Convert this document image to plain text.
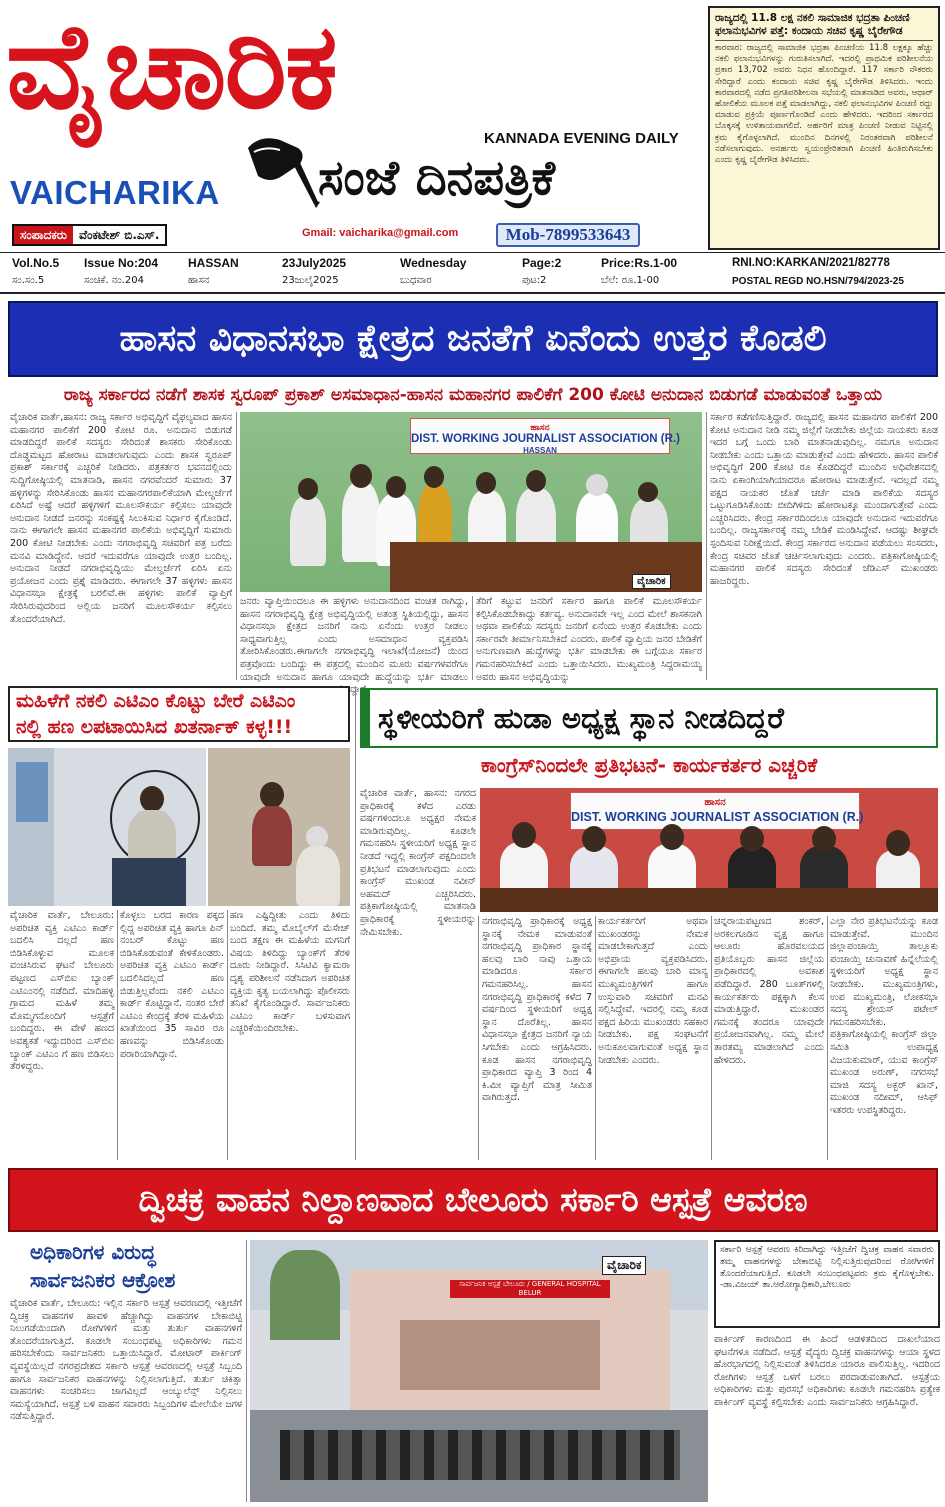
ವೈಚಾರಿಕ
VAICHARIKA
KANNADA EVENING DAILY
ಸಂಜೆ ದಿನಪತ್ರಿಕೆ
ಸಂಪಾದಕರು	ವೆಂಕಟೇಶ್ ಬಿ.ಎಸ್.	Gmail: vaicharika@gmail.com	Mob-7899533643
ರಾಜ್ಯದಲ್ಲಿ 11.8 ಲಕ್ಷ ನಕಲಿ ಸಾಮಾಜಿಕ ಭದ್ರತಾ ಪಿಂಚಣಿ
ಫಲಾನುಭವಿಗಳ ಪತ್ತೆ: ಕಂದಾಯ ಸಚಿವ ಕೃಷ್ಣ ಬೈರೇಗೌಡ
ಕಾರವಾರ: ರಾಜ್ಯದಲ್ಲಿ ಸಾಮಾಜಿಕ ಭದ್ರತಾ ಪಿಂಚಣಿಯ 11.8 ಲಕ್ಷಕ್ಕೂ ಹೆಚ್ಚು ನಕಲಿ ಫಲಾನುಭವಿಗಳನ್ನು ಗುರುತಿಸಲಾಗಿದೆ. ಇದರಲ್ಲಿ ಪ್ರಾಥಮಿಕ ಪರಿಶೀಲನೆಯ ಪ್ರಕಾರ 13,702 ಅವರು ನಿಧನ ಹೊಂದಿದ್ದಾರೆ. 117 ಸರ್ಕಾರಿ ನೌಕರರು ಸೇರಿದ್ದಾರೆ ಎಂದು ಕಂದಾಯ ಸಚಿವ ಕೃಷ್ಣ ಬೈರೇಗೌಡ ತಿಳಿಸಿದರು. ಇಂದು ಕಾರವಾರದಲ್ಲಿ ನಡೆದ ಪ್ರಗತಿಪರಿಶೀಲನಾ ಸಭೆಯಲ್ಲಿ ಮಾತನಾಡಿದ ಅವರು, ಆಧಾರ್ ಹೋಲಿಕೆಯ ಮೂಲಕ ಪತ್ತೆ ಮಾಡಲಾಗಿದ್ದು, ನಕಲಿ ಫಲಾನುಭವಿಗಳ ಪಿಂಚಣಿ ರದ್ದು ಮಾಡುವ ಪ್ರಕ್ರಿಯೆ ಪೂರ್ಣಗೊಂಡಿದೆ ಎಂದು ಹೇಳಿದರು. ಇದರಿಂದ ಸರ್ಕಾರದ ಬೊಕ್ಕಸಕ್ಕೆ ಉಳಿತಾಯವಾಗಲಿದೆ. ಅರ್ಹರಿಗೆ ಮಾತ್ರ ಪಿಂಚಣಿ ನೀಡುವ ನಿಟ್ಟಿನಲ್ಲಿ ಕ್ರಮ ಕೈಗೊಳ್ಳಲಾಗಿದೆ. ಮುಂದಿನ ದಿನಗಳಲ್ಲಿ ನಿರಂತರವಾಗಿ ಪರಿಶೀಲನೆ ನಡೆಸಲಾಗುವುದು. ಅನರ್ಹರು ಸ್ವಯಂಪ್ರೇರಿತರಾಗಿ ಪಿಂಚಣಿ ಹಿಂತಿರುಗಿಸಬೇಕು ಎಂದು ಕೃಷ್ಣ ಬೈರೇಗೌಡ ತಿಳಿಸಿದರು.
Vol.No.5 Issue No:204 HASSAN	23July2025	Wednesday	Page:2	Price:Rs.1-00	RNI.NO:KARKAN/2021/82778
ಸಂ.ಸಂ.5	ಸಂಚಿಕೆ. ನಂ.204	ಹಾಸನ	23ಜುಲೈ2025	ಬುಧವಾರ	ಪುಟ:2	ಬೆಲೆ: ರೂ.1-00	POSTAL REGD NO.HSN/794/2023-25
ಹಾಸನ ವಿಧಾನಸಭಾ ಕ್ಷೇತ್ರದ ಜನತೆಗೆ ಏನೆಂದು ಉತ್ತರ ಕೊಡಲಿ
ರಾಜ್ಯ ಸರ್ಕಾರದ ನಡೆಗೆ ಶಾಸಕ ಸ್ವರೂಪ್ ಪ್ರಕಾಶ್ ಅಸಮಾಧಾನ-ಹಾಸನ ಮಹಾನಗರ ಪಾಲಿಕೆಗೆ 200 ಕೋಟಿ ಅನುದಾನ ಬಿಡುಗಡೆ ಮಾಡುವಂತೆ ಒತ್ತಾಯ
ವೈಚಾರಿಕ ವಾರ್ತೆ,ಹಾಸನ: ರಾಜ್ಯ ಸರ್ಕಾರ ಅಭಿವೃದ್ಧಿಗೆ ವೈಫಲ್ಯವಾದ ಹಾಸನ ಮಹಾನಗರ ಪಾಲಿಕೆಗೆ 200 ಕೋಟಿ ರೂ. ಅನುದಾನ ಬಿಡುಗಡೆ ಮಾಡದಿದ್ದರೆ ಪಾಲಿಕೆ ಸದಸ್ಯರು ಸೇರಿದಂತೆ ಶಾಸಕರು ಸೇರಿಕೊಂಡು ದೊಡ್ಡಮಟ್ಟದ ಹೋರಾಟ ಮಾಡಲಾಗುವುದು ಎಂದು ಶಾಸಕ ಸ್ವರೂಪ್ ಪ್ರಕಾಶ್ ಸರ್ಕಾರಕ್ಕೆ ಎಚ್ಚರಿಕೆ ನೀಡಿದರು. ಪತ್ರಕರ್ತರ ಭವನದಲ್ಲಿಂದು ಸುದ್ದಿಗೋಷ್ಠಿಯಲ್ಲಿ ಮಾತನಾಡಿ, ಹಾಸನ ನಗರವೆಂದರೆ ಸುಮಾರು 37 ಹಳ್ಳಿಗಳನ್ನು ಸೇರಿಸಿಕೊಂಡು ಹಾಸನ ಮಹಾನಗರಪಾಲಿಕೆಯಾಗಿ ಮೇಲ್ದರ್ಜೆಗೆ ಏರಿಸಿದೆ ಅಷ್ಟೆ ಆದರೆ ಹಳ್ಳಿಗಳಿಗೆ ಮೂಲಸೌಕರ್ಯ ಕಲ್ಪಿಸಲು ಯಾವುದೇ ಅನುದಾನ ನೀಡದೆ ಜನರನ್ನು ಸಂಕಷ್ಟಕ್ಕೆ ಸಿಲುಕಿಸುವ ನಿರ್ಧಾರ ಕೈಗೊಂಡಿದೆ. ನಾನು ಈಗಾಗಲೇ ಹಾಸನ ಮಹಾನಗರ ಪಾಲಿಕೆಯ ಅಭಿವೃದ್ಧಿಗೆ ಸುಮಾರು 200 ಕೋಟಿ ನೀಡಬೇಕು ಎಂದು ನಗರಾಭಿವೃದ್ಧಿ ಸಚಿವರಿಗೆ ಪತ್ರ ಬರೆದು ಮನವಿ ಮಾಡಿದ್ದೇನೆ. ಆದರೆ ಇದುವರೆಗೂ ಯಾವುದೇ ಉತ್ತರ ಬಂದಿಲ್ಲ. ಅನುದಾನ ನೀಡದೆ ನಗರಾಭಿವೃದ್ಧಿಯು ಮೇಲ್ದರ್ಜೆಗೆ ಏರಿಸಿ ಏನು ಪ್ರಯೋಜನ ಎಂದು ಪ್ರಶ್ನೆ ಮಾಡಿದರು. ಈಗಾಗಲೇ 37 ಹಳ್ಳಿಗಳು ಹಾಸನ ವಿಧಾನಸಭಾ ಕ್ಷೇತ್ರಕ್ಕೆ ಬರಲಿವೆ.ಈ ಹಳ್ಳಿಗಳು ಪಾಲಿಕೆ ವ್ಯಾಪ್ತಿಗೆ ಸೇರಿಸಿರುವುದರಿಂದ ಅಲ್ಲಿಯ ಜನರಿಗೆ ಮೂಲಸೌಕರ್ಯ ಕಲ್ಪಿಸಲು ತೊಂದರೆಯಾಗಿದೆ.
ಹಾಸನ
DIST. WORKING JOURNALIST ASSOCIATION (R.)
HASSAN
ವೈಚಾರಿಕ
ಜನರು ವ್ಯಾಪ್ತಿಯಿಂದಲೂ ಈ ಹಳ್ಳಿಗಳು ಅನುದಾನದಿಂದ ವಂಚಿತ ರಾಗಿದ್ದು, ಹಾಸನ ನಗರಾಭಿವೃದ್ಧಿ ಕ್ಷೇತ್ರ ಅಭಿವೃದ್ಧಿಯಲ್ಲಿ ಅತಂತ್ರ ಸ್ಥಿತಿಯಲ್ಲಿದ್ದು, ಹಾಸನ ವಿಧಾನಸಭಾ ಕ್ಷೇತ್ರದ ಜನರಿಗೆ ನಾನು ಏನೆಂದು ಉತ್ತರ ನೀಡಲು ಸಾಧ್ಯವಾಗುತ್ತಿಲ್ಲ ಎಂದು ಅಸಮಾಧಾನ ವ್ಯಕ್ತಪಡಿಸಿ ತೋರಿಸಿಕೊಂಡರು.ಈಗಾಗಲೇ ನಗರಾಭಿವೃದ್ಧಿ ಇಲಾಖೆ(ಯೋಜನೆ) ಯಿಂದ ಪತ್ರವೊಂದು ಬಂದಿದ್ದು ಈ ಪತ್ರದಲ್ಲಿ ಮುಂದಿನ ಮೂರು ವರ್ಷಗಳವರೆಗೂ ಯಾವುದೇ ಅನುದಾನ ಹಾಗೂ ಯಾವುದೇ ಹುದ್ದೆಯನ್ನು ಭರ್ತಿ ಮಾಡಲು ಹೇಳಿದ್ದಾರೆ.
ತೆರಿಗೆ ಕಟ್ಟುವ ಜನರಿಗೆ ಸರ್ಕಾರ ಹಾಗೂ ಪಾಲಿಕೆ ಮೂಲಸೌಕರ್ಯ ಕಲ್ಪಿಸಿಕೊಡಬೇಕಾದ್ದು ಕರ್ತವ್ಯ. ಅನುದಾನವೇ ಇಲ್ಲ ಎಂದ ಮೇಲೆ ಶಾಸಕನಾಗಿ ಅಥವಾ ಪಾಲಿಕೆಯ ಸದಸ್ಯರು ಜನರಿಗೆ ಏನೆಂದು ಉತ್ತರ ಕೊಡಬೇಕು ಎಂದು ಸರ್ಕಾರವೇ ತೀರ್ಮಾನಿಸಬೇಕಿದೆ ಎಂದರು. ಪಾಲಿಕೆ ವ್ಯಾಪ್ತಿಯ ಜನರ ಬೇಡಿಕೆಗೆ ಅನುಗುಣವಾಗಿ ಹುದ್ದೆಗಳನ್ನು ಭರ್ತಿ ಮಾಡಬೇಕು ಈ ಬಗ್ಗೆಯೂ ಸರ್ಕಾರ ಗಮನಹರಿಸಬೇಕಿದೆ ಎಂದು ಒತ್ತಾಯಿಸಿದರು. ಮುಖ್ಯಮಂತ್ರಿ ಸಿದ್ದರಾಮಯ್ಯ ಅವರು ಹಾಸನ ಅಭಿವೃದ್ಧಿಯನ್ನು
ಸರ್ಕಾರ ಕಡೆಗಣಿಸುತ್ತಿದ್ದಾರೆ. ರಾಜ್ಯದಲ್ಲಿ ಹಾಸನ ಮಹಾನಗರ ಪಾಲಿಕೆಗೆ 200 ಕೋಟಿ ಅನುದಾನ ನೀಡಿ ನಮ್ಮ ಜಿಲ್ಲೆಗೆ ನೀಡಬೇಕು ಜಿಲ್ಲೆಯ ನಾಯಕರು ಕೂಡ ಇದರ ಬಗ್ಗೆ ಒಂದು ಬಾರಿ ಮಾತನಾಡುವುದಿಲ್ಲ. ನಮಗೂ ಅನುದಾನ ನೀಡಬೇಕು ಎಂದು ಒತ್ತಾಯ ಮಾಡುತ್ತೇವೆ ಎಂದು ಹೇಳಿದರು. ಹಾಸನ ಪಾಲಿಕೆ ಅಭಿವೃದ್ಧಿಗೆ 200 ಕೋಟಿ ರೂ ಕೊಡದಿದ್ದರೆ ಮುಂದಿನ ಅಧಿವೇಶನದಲ್ಲಿ ನಾನು ಏಕಾಂಗಿಯಾಗಿಯಾದರೂ ಹೋರಾಟ ಮಾಡುತ್ತೇನೆ. ಇದಲ್ಲದೆ ನಮ್ಮ ಪಕ್ಷದ ನಾಯಕರ ಜೊತೆ ಚರ್ಚೆ ಮಾಡಿ ಪಾಲಿಕೆಯ ಸದಸ್ಯರ ಒಟ್ಟುಗೂಡಿಸಿಕೊಂಡು ಬೀದಿಗಿಳಿದು ಹೋರಾಟಕ್ಕೂ ಮುಂದಾಗುತ್ತೇವೆ ಎಂದು ಎಚ್ಚರಿಸಿದರು. ಕೇಂದ್ರ ಸರ್ಕಾರದಿಂದಲೂ ಯಾವುದೇ ಅನುದಾನ ಇದುವರೆಗೂ ಬಂದಿಲ್ಲ. ರಾಜ್ಯಸರ್ಕಾರಕ್ಕೆ ನಮ್ಮ ಬೇಡಿಕೆ ಮಂಡಿಸಿದ್ದೇವೆ. ಆದಷ್ಟು ಶೀಘ್ರವೇ ಸ್ಪಂದಿಸುವ ನಿರೀಕ್ಷೆಯಿದೆ. ಕೇಂದ್ರ ಸರ್ಕಾರದ ಅನುದಾನ ಪಡೆಯಲು ಸಂಸದರು, ಕೇಂದ್ರ ಸಚಿವರ ಜೊತೆ ಚರ್ಚಿಸಲಾಗುವುದು ಎಂದರು. ಪತ್ರಿಕಾಗೋಷ್ಠಿಯಲ್ಲಿ ಮಹಾನಗರ ಪಾಲಿಕೆ ಸದಸ್ಯರು ಸೇರಿದಂತೆ ಜೆಡಿಎಸ್ ಮುಖಂಡರು ಹಾಜರಿದ್ದರು.
ಮಹಿಳೆಗೆ ನಕಲಿ ಎಟಿಎಂ ಕೊಟ್ಟು ಬೇರೆ ಎಟಿಎಂ
ನಲ್ಲಿ ಹಣ ಲಪಟಾಯಿಸಿದ ಖತರ್ನಾಕ್ ಕಳ್ಳ!!!
ವೈಚಾರಿಕ ವಾರ್ತೆ, ಬೇಲೂರು: ಅಪರಿಚಿತ ವ್ಯಕ್ತಿ ಎಟಿಎಂ ಕಾರ್ಡ್ ಬದಲಿಸಿ ದಲ್ಲದೆ ಹಣ ಬಿಡಿಸಿಕೊಳ್ಳುವ ಮೂಲಕ ವಂಚಿಸಿರುವ ಘಟನೆ ಬೇಲೂರು ಪಟ್ಟಣದ ಎಸ್‌ಬಿಐ ಬ್ಯಾಂಕ್ ಎಟಿಎಂನಲ್ಲಿ ನಡೆದಿದೆ. ಮಾದಿಹಳ್ಳಿ ಗ್ರಾಮದ ಮಹಿಳೆ ತಮ್ಮ ಮೊಮ್ಮಗನೊಂದಿಗೆ ಆಸ್ಪತ್ರೆಗೆ ಬಂದಿದ್ದರು. ಈ ವೇಳೆ ಹಣದ ಅವಶ್ಯಕತೆ ಇದ್ದುದರಿಂದ ಎಸ್‌ಬಿಐ ಬ್ಯಾಂಕ್ ಎಟಿಎಂ ಗೆ ಹಣ ಬಿಡಿಸಲು ತೆರಳಿದ್ದರು.
ಕೊಳ್ಳಲು ಬರದ ಕಾರಣ ಪಕ್ಕದ ಲ್ಲಿದ್ದ ಅಪರಿಚಿತ ವ್ಯಕ್ತಿ ಹಾಗೂ ಪಿನ್ ನಂಬರ್ ಕೊಟ್ಟು ಹಣ ಬಿಡಿಸಿಕೊಡುವಂತೆ ಕೇಳಿಕೊಂಡರು. ಅಪರಿಚಿತ ವ್ಯಕ್ತಿ ಎಟಿಎಂ ಕಾರ್ಡ್ ಬದಲಿಸಿದಲ್ಲದೆ ಹಣ ಬಿಡುತ್ತಿಲ್ಲವೆಂದು ನಕಲಿ ಎಟಿಎಂ ಕಾರ್ಡ್ ಕೊಟ್ಟಿದ್ದಾನೆ. ನಂತರ ಬೇರೆ ಎಟಿಎಂ ಕೇಂದ್ರಕ್ಕೆ ತೆರಳಿ ಮಹಿಳೆಯ ಖಾತೆಯಿಂದ 35 ಸಾವಿರ ರೂ ಹಣವನ್ನು ಬಿಡಿಸಿಕೊಂಡು ಪರಾರಿಯಾಗಿದ್ದಾನೆ.
ಹಣ ಎಷ್ಟಿದ್ದೀತು ಎಂದು ತಿಳಿದು ಬಂದಿದೆ. ತಮ್ಮ ಮೊಬೈಲ್‌ಗೆ ಮೆಸೇಜ್ ಬಂದ ತಕ್ಷಣ ಈ ಮಹಿಳೆಯ ಮಗನಿಗೆ ವಿಷಯ ತಿಳಿದಿದ್ದು ಬ್ಯಾಂಕ್‌ಗೆ ತೆರಳಿ ದೂರು ನೀಡಿದ್ದಾರೆ. ಸಿಸಿಟಿವಿ ಕ್ಯಾಮರಾ ದೃಶ್ಯ ಪರಿಶೀಲನೆ ನಡೆಸಿದಾಗ ಅಪರಿಚಿತ ವ್ಯಕ್ತಿಯ ಕೃತ್ಯ ಬಯಲಾಗಿದ್ದು ಪೊಲೀಸರು ತನಿಖೆ ಕೈಗೊಂಡಿದ್ದಾರೆ. ಸಾರ್ವಜನಿಕರು ಎಟಿಎಂ ಕಾರ್ಡ್ ಬಳಸುವಾಗ ಎಚ್ಚರಿಕೆಯಿಂದಿರಬೇಕು.
ಸ್ಥಳೀಯರಿಗೆ ಹುಡಾ ಅಧ್ಯಕ್ಷ ಸ್ಥಾನ ನೀಡದಿದ್ದರೆ
ಕಾಂಗ್ರೆಸ್‌ನಿಂದಲೇ ಪ್ರತಿಭಟನೆ- ಕಾರ್ಯಕರ್ತರ ಎಚ್ಚರಿಕೆ
ವೈಚಾರಿಕ ವಾರ್ತೆ, ಹಾಸನ: ನಗರದ ಪ್ರಾಧಿಕಾರಕ್ಕೆ ಕಳೆದ ಎರಡು ವರ್ಷಗಳಿಂದಲೂ ಅಧ್ಯಕ್ಷರ ನೇಮಕ ಮಾಡಿರುವುದಿಲ್ಲ. ಕೂಡಲೇ ಗಮನಹರಿಸಿ ಸ್ಥಳೀಯರಿಗೆ ಅಧ್ಯಕ್ಷ ಸ್ಥಾನ ನೀಡದೆ ಇದ್ದಲ್ಲಿ ಕಾಂಗ್ರೆಸ್ ಪಕ್ಷದಿಂದಲೇ ಪ್ರತಿಭಟನೆ ಮಾಡಲಾಗುವುದು ಎಂದು ಕಾಂಗ್ರೆಸ್ ಮುಖಂಡ ನವೀನ್ ಅಹಮದ್ ಎಚ್ಚರಿಸಿದರು. ಪತ್ರಿಕಾಗೋಷ್ಠಿಯಲ್ಲಿ ಮಾತನಾಡಿ ಪ್ರಾಧಿಕಾರಕ್ಕೆ ಸ್ಥಳೀಯರನ್ನು ನೇಮಿಸಬೇಕು.
ಹಾಸನ
DIST. WORKING JOURNALIST ASSOCIATION (R.)
ನಗರಾಭಿವೃದ್ಧಿ ಪ್ರಾಧಿಕಾರಕ್ಕೆ ಅಧ್ಯಕ್ಷ ಸ್ಥಾನಕ್ಕೆ ನೇಮಕ ಮಾಡುವಂತೆ ನಗರಾಭಿವೃದ್ಧಿ ಪ್ರಾಧಿಕಾರ ಸ್ಥಾನಕ್ಕೆ ಹಲವು ಬಾರಿ ನಾವು ಒತ್ತಾಯ ಮಾಡಿದರೂ ಸರ್ಕಾರ ಗಮನಹರಿಸಿಲ್ಲ. ಹಾಸನ ನಗರಾಭಿವೃದ್ಧಿ ಪ್ರಾಧಿಕಾರಕ್ಕೆ ಕಳೆದ 7 ವರ್ಷದಿಂದ ಸ್ಥಳೀಯರಿಗೆ ಅಧ್ಯಕ್ಷ ಸ್ಥಾನ ದೊರೆತಿಲ್ಲ. ಹಾಸನ ವಿಧಾನಸಭಾ ಕ್ಷೇತ್ರದ ಜನರಿಗೆ ನ್ಯಾಯ ಸಿಗಬೇಕು ಎಂದು ಆಗ್ರಹಿಸಿದರು. ಕೂಡ ಹಾಸನ ನಗರಾಭಿವೃದ್ಧಿ ಪ್ರಾಧಿಕಾರದ ವ್ಯಾಪ್ತಿ 3 ರಿಂದ 4 ಕಿ.ಮೀ ವ್ಯಾಪ್ತಿಗೆ ಮಾತ್ರ ಸೀಮಿತ ವಾಗಿರುತ್ತದೆ.
ಕಾರ್ಯಕರ್ತರಿಗೆ ಅಥವಾ ಮುಖಂಡರನ್ನು ನೇಮಕ ಮಾಡಬೇಕಾಗುತ್ತದೆ ಎಂದು ಅಭಿಪ್ರಾಯ ವ್ಯಕ್ತಪಡಿಸಿದರು. ಈಗಾಗಲೇ ಹಲವು ಬಾರಿ ಮಾನ್ಯ ಮುಖ್ಯಮಂತ್ರಿಗಳಿಗೆ ಹಾಗೂ ಉಸ್ತುವಾರಿ ಸಚಿವರಿಗೆ ಮನವಿ ಸಲ್ಲಿಸಿದ್ದೇವೆ. ಇದರಲ್ಲಿ ನಮ್ಮ ಕೂಡ ಪಕ್ಷದ ಹಿರಿಯ ಮುಖಂಡರು ಸಹಕಾರ ನೀಡಬೇಕು. ಪಕ್ಷ ಸಂಘಟನೆಗೆ ಅನುಕೂಲವಾಗುವಂತೆ ಅಧ್ಯಕ್ಷ ಸ್ಥಾನ ನೀಡಬೇಕು ಎಂದರು.
ಚನ್ನರಾಯಪಟ್ಟಣದ ಶಂಕರ್, ಅರಕಲಗೂಡಿನ ವೃಕ್ಷ ಹಾಗೂ ಆಲೂರು ಹೊರವಲಯದ ಪ್ರತಿಯೊಬ್ಬರು ಹಾಸನ ಜಿಲ್ಲೆಯ ಪ್ರಾಧಿಕಾರದಲ್ಲಿ ಅವಕಾಶ ಪಡೆದಿದ್ದಾರೆ. 280 ಬೂತ್‌ಗಳಲ್ಲಿ ಕಾರ್ಯಕರ್ತರು ಪಕ್ಷಕ್ಕಾಗಿ ಕೆಲಸ ಮಾಡುತ್ತಿದ್ದಾರೆ. ಮುಖಂಡರ ಗಮನಕ್ಕೆ ತಂದರೂ ಯಾವುದೇ ಪ್ರಯೋಜನವಾಗಿಲ್ಲ. ನಮ್ಮ ಮೇಲೆ ತಾರತಮ್ಯ ಮಾಡಲಾಗಿದೆ ಎಂದು ಹೇಳಿದರು.
ಎಲ್ಲಾ ನೇರ ಪ್ರತಿಭಟನೆಯನ್ನು ಕೂಡ ಮಾಡುತ್ತೇವೆ. ಮುಂದಿನ ಜಿಲ್ಲಾಪಂಚಾಯ್ತಿ ತಾಲ್ಲೂಕು ಪಂಚಾಯ್ತಿ ಚುನಾವಣೆ ಹಿನ್ನೆಲೆಯಲ್ಲಿ ಸ್ಥಳೀಯರಿಗೆ ಅಧ್ಯಕ್ಷ ಸ್ಥಾನ ನೀಡಬೇಕು. ಮುಖ್ಯಮಂತ್ರಿಗಳು, ಉಪ ಮುಖ್ಯಮಂತ್ರಿ, ಲೋಕಸಭಾ ಸದಸ್ಯ ಶ್ರೇಯಸ್ ಪಟೇಲ್ ಗಮನಹರಿಸಬೇಕು. ಪತ್ರಿಕಾಗೋಷ್ಠಿಯಲ್ಲಿ ಕಾಂಗ್ರೆಸ್ ಜಿಲ್ಲಾ ಸಮಿತಿ ಉಪಾಧ್ಯಕ್ಷ ವಿಜಯಕುಮಾರ್, ಯುವ ಕಾಂಗ್ರೆಸ್ ಮುಖಂಡ ಅರುಣ್, ನಗರಸಭೆ ಮಾಜಿ ಸದಸ್ಯ ಅಕ್ಬರ್ ಖಾನ್, ಮುಖಂಡ ನದೀಮ್, ಆಸಿಫ್ ಇತರರು ಉಪಸ್ಥಿತರಿದ್ದರು.
ದ್ವಿಚಕ್ರ ವಾಹನ ನಿಲ್ದಾಣವಾದ ಬೇಲೂರು ಸರ್ಕಾರಿ ಆಸ್ಪತ್ರೆ ಆವರಣ
ಅಧಿಕಾರಿಗಳ ವಿರುದ್ಧ
ಸಾರ್ವಜನಿಕರ ಆಕ್ರೋಶ
ವೈಚಾರಿಕ ವಾರ್ತೆ, ಬೇಲೂರು: ಇಲ್ಲಿನ ಸರ್ಕಾರಿ ಆಸ್ಪತ್ರೆ ಆವರಣದಲ್ಲಿ ಇತ್ತೀಚೆಗೆ ದ್ವಿಚಕ್ರ ವಾಹನಗಳ ಹಾವಳಿ ಹೆಚ್ಚಾಗಿದ್ದು ವಾಹನಗಳ ಬೇಕಾಬಿಟ್ಟಿ ನಿಲುಗಡೆಯಿಂದಾಗಿ ರೋಗಿಗಳಿಗೆ ಮತ್ತು ತುರ್ತು ವಾಹನಗಳಿಗೆ ತೊಂದರೆಯಾಗುತ್ತಿದೆ. ಕೂಡಲೇ ಸಂಬಂಧಪಟ್ಟ ಅಧಿಕಾರಿಗಳು ಗಮನ ಹರಿಸಬೇಕೆಂದು ಸಾರ್ವಜನಿಕರು ಒತ್ತಾಯಿಸಿದ್ದಾರೆ. ಮೋಟಾರ್ ಪಾರ್ಕಿಂಗ್ ವ್ಯವಸ್ಥೆಯಿಲ್ಲದೆ ನಗರಪ್ರದೇಶದ ಸರ್ಕಾರಿ ಆಸ್ಪತ್ರೆ ಆವರಣದಲ್ಲಿ ಆಸ್ಪತ್ರೆ ಸಿಬ್ಬಂದಿ ಹಾಗೂ ಸಾರ್ವಜನಿಕರ ವಾಹನಗಳನ್ನು ನಿಲ್ಲಿಸಲಾಗುತ್ತಿದೆ. ತುರ್ತು ಚಿಕಿತ್ಸಾ ವಾಹನಗಳು ಸಂಚರಿಸಲು ಜಾಗವಿಲ್ಲದೆ ಆಂಬ್ಯುಲೆನ್ಸ್ ನಿಲ್ಲಿಸಲು ಸಮಸ್ಯೆಯಾಗಿದೆ. ಆಸ್ಪತ್ರೆ ಬಳಿ ವಾಹನ ಸವಾರರು ಸಿಬ್ಬಂದಿಗಳ ಮೇಲೆಯೇ ಜಗಳ ನಡೆಸುತ್ತಿದ್ದಾರೆ.
ಸಾರ್ವಜನಿಕ ಆಸ್ಪತ್ರೆ ಬೇಲೂರು / GENERAL HOSPITAL BELUR
ವೈಚಾರಿಕ
ಸರ್ಕಾರಿ ಆಸ್ಪತ್ರೆ ಆವರಣ ಕಿರಿದಾಗಿದ್ದು ಇತ್ತೀಚೆಗೆ ದ್ವಿಚಕ್ರ ವಾಹನ ಸವಾರರು ತಮ್ಮ ವಾಹನಗಳನ್ನು ಬೇಕಾಬಿಟ್ಟಿ ನಿಲ್ಲಿಸುತ್ತಿರುವುದರಿಂದ ರೋಗಿಗಳಿಗೆ ತೊಂದರೆಯಾಗುತ್ತಿದೆ. ಕೂಡಲೇ ಸಂಬಂಧಪಟ್ಟವರು ಕ್ರಮ ಕೈಗೊಳ್ಳಬೇಕು. -ಡಾ.ವಿಜಯ್ ತಾ.ಆರೋಗ್ಯಾಧಿಕಾರಿ,ಬೇಲೂರು
ಪಾರ್ಕಿಂಗ್ ಕಾರಣದಿಂದ ಈ ಹಿಂದೆ ಆಡಳಿತದಿಂದ ದಾಖಲೆಯಾದ ಘಟನೆಗಳೂ ನಡೆದಿದೆ. ಆಸ್ಪತ್ರೆ ವೈದ್ಯರು ದ್ವಿಚಕ್ರ ವಾಹನಗಳನ್ನು ಆಯಾ ಸ್ಥಳದ ಹೊರಭಾಗದಲ್ಲಿ ನಿಲ್ಲಿಸುವಂತೆ ತಿಳಿಸಿದರೂ ಯಾರೂ ಪಾಲಿಸುತ್ತಿಲ್ಲ. ಇದರಿಂದ ರೋಗಿಗಳು ಆಸ್ಪತ್ರೆ ಒಳಗೆ ಬರಲು ಪರದಾಡುವಂತಾಗಿದೆ. ಆಸ್ಪತ್ರೆಯ ಅಧಿಕಾರಿಗಳು ಮತ್ತು ಪುರಸಭೆ ಅಧಿಕಾರಿಗಳು ಕೂಡಲೇ ಗಮನಹರಿಸಿ ಪ್ರತ್ಯೇಕ ಪಾರ್ಕಿಂಗ್ ವ್ಯವಸ್ಥೆ ಕಲ್ಪಿಸಬೇಕು ಎಂದು ಸಾರ್ವಜನಿಕರು ಆಗ್ರಹಿಸಿದ್ದಾರೆ.
